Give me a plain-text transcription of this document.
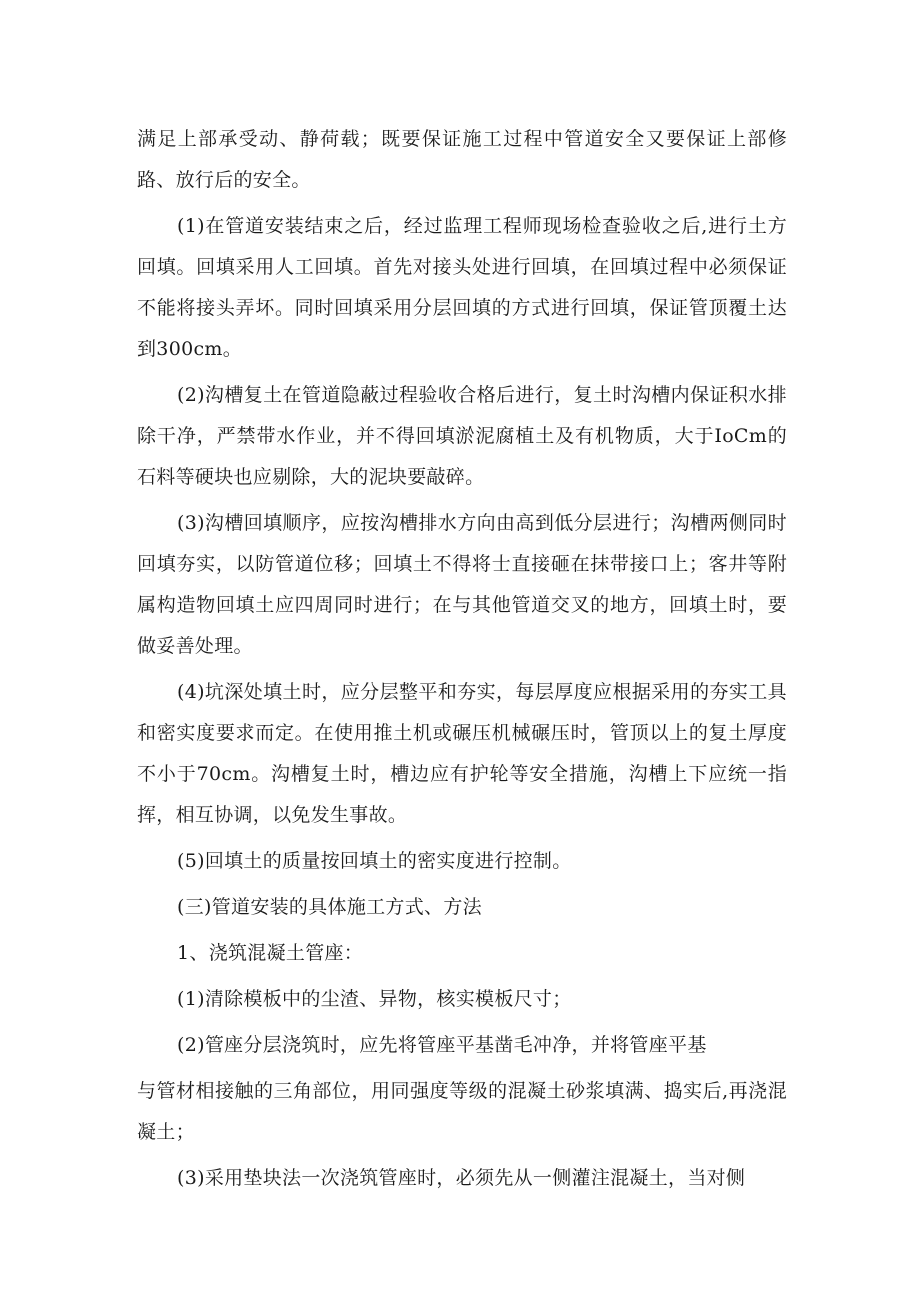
满足上部承受动、静荷载；既要保证施工过程中管道安全又要保证上部修路、放行后的安全。

(1)在管道安装结束之后，经过监理工程师现场检查验收之后,进行土方回填。回填采用人工回填。首先对接头处进行回填，在回填过程中必须保证不能将接头弄坏。同时回填采用分层回填的方式进行回填，保证管顶覆土达到300cm。

(2)沟槽复土在管道隐蔽过程验收合格后进行，复土时沟槽内保证积水排除干净，严禁带水作业，并不得回填淤泥腐植土及有机物质，大于IoCm的石料等硬块也应剔除，大的泥块要敲碎。

(3)沟槽回填顺序，应按沟槽排水方向由高到低分层进行；沟槽两侧同时回填夯实，以防管道位移；回填土不得将士直接砸在抹带接口上；客井等附属构造物回填土应四周同时进行；在与其他管道交叉的地方，回填土时，要做妥善处理。

(4)坑深处填土时，应分层整平和夯实，每层厚度应根据采用的夯实工具和密实度要求而定。在使用推土机或碾压机械碾压时，管顶以上的复土厚度不小于70cm。沟槽复土时，槽边应有护轮等安全措施，沟槽上下应统一指挥，相互协调，以免发生事故。

(5)回填土的质量按回填土的密实度进行控制。

(三)管道安装的具体施工方式、方法

1、浇筑混凝土管座：

(1)清除模板中的尘渣、异物，核实模板尺寸；

(2)管座分层浇筑时，应先将管座平基凿毛冲净，并将管座平基

与管材相接触的三角部位，用同强度等级的混凝土砂浆填满、捣实后,再浇混凝土；

(3)采用垫块法一次浇筑管座时，必须先从一侧灌注混凝土，当对侧
